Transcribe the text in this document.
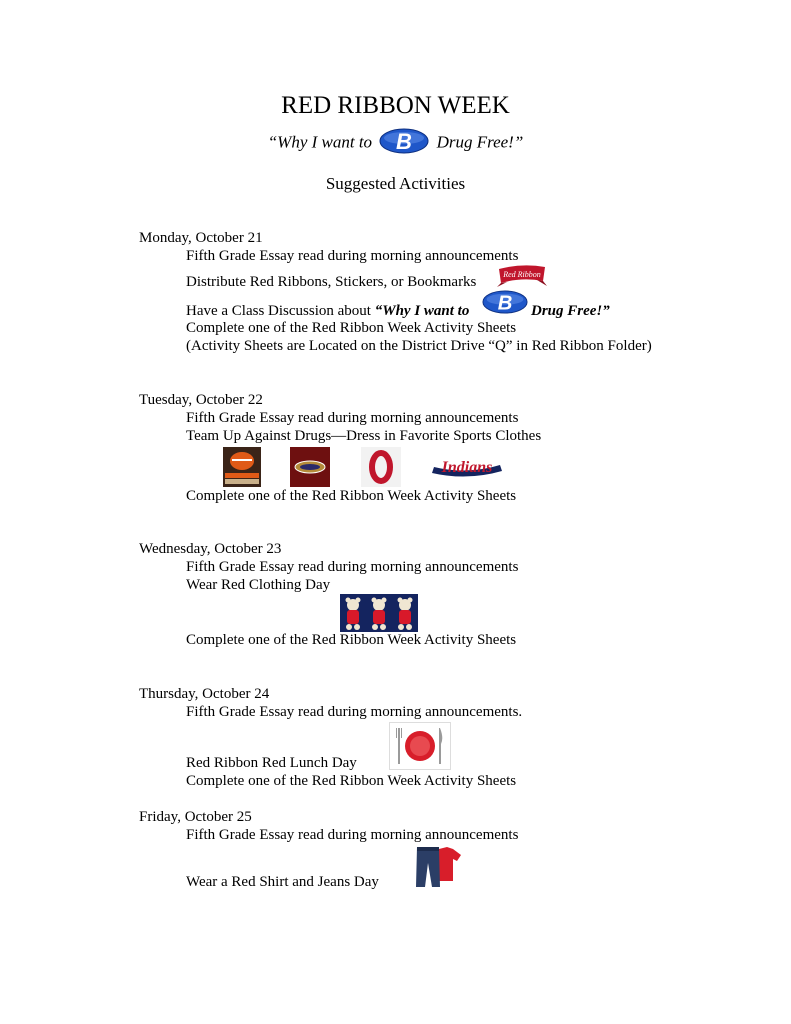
RED RIBBON WEEK
“Why I want to B Drug Free!”
Suggested Activities
Monday, October 21
Fifth Grade Essay read during morning announcements
Distribute Red Ribbons, Stickers, or Bookmarks	Red Ribbon
Have a Class Discussion about “Why I want to B Drug Free!”
Complete one of the Red Ribbon Week Activity Sheets
(Activity Sheets are Located on the District Drive “Q” in Red Ribbon Folder)
Tuesday, October 22
Fifth Grade Essay read during morning announcements
Team Up Against Drugs—Dress in Favorite Sports Clothes
Indians
Complete one of the Red Ribbon Week Activity Sheets
Wednesday, October 23
Fifth Grade Essay read during morning announcements
Wear Red Clothing Day
Complete one of the Red Ribbon Week Activity Sheets
Thursday, October 24
Fifth Grade Essay read during morning announcements.
Red Ribbon Red Lunch Day
Complete one of the Red Ribbon Week Activity Sheets
Friday, October 25
Fifth Grade Essay read during morning announcements
Wear a Red Shirt and Jeans Day
